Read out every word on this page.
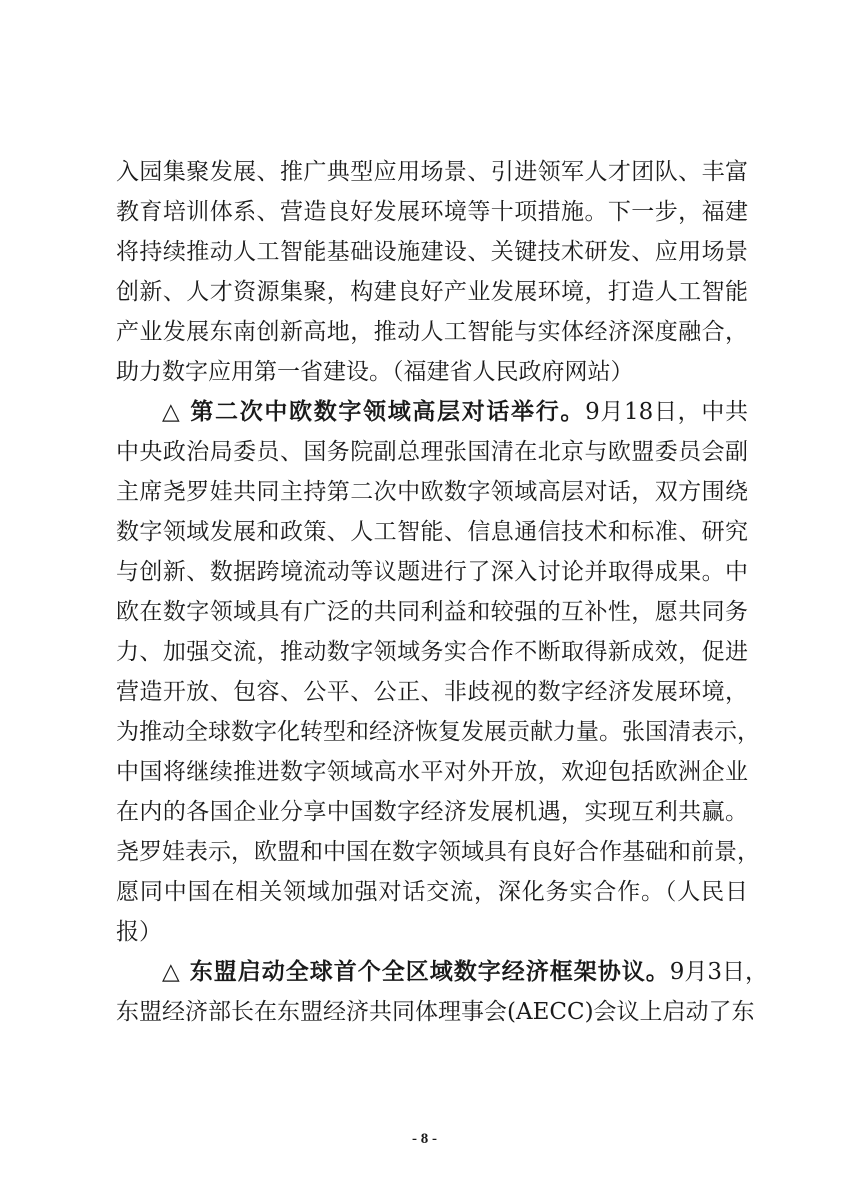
入园集聚发展、推广典型应用场景、引进领军人才团队、丰富
教育培训体系、营造良好发展环境等十项措施。下一步，福建
将持续推动人工智能基础设施建设、关键技术研发、应用场景
创新、人才资源集聚，构建良好产业发展环境，打造人工智能
产业发展东南创新高地，推动人工智能与实体经济深度融合，
助力数字应用第一省建设。（福建省人民政府网站）
△ 第二次中欧数字领域高层对话举行。9月18日，中共
中央政治局委员、国务院副总理张国清在北京与欧盟委员会副
主席尧罗娃共同主持第二次中欧数字领域高层对话，双方围绕
数字领域发展和政策、人工智能、信息通信技术和标准、研究
与创新、数据跨境流动等议题进行了深入讨论并取得成果。中
欧在数字领域具有广泛的共同利益和较强的互补性，愿共同务
力、加强交流，推动数字领域务实合作不断取得新成效，促进
营造开放、包容、公平、公正、非歧视的数字经济发展环境，
为推动全球数字化转型和经济恢复发展贡献力量。张国清表示，
中国将继续推进数字领域高水平对外开放，欢迎包括欧洲企业
在内的各国企业分享中国数字经济发展机遇，实现互利共赢。
尧罗娃表示，欧盟和中国在数字领域具有良好合作基础和前景，
愿同中国在相关领域加强对话交流，深化务实合作。（人民日
报）
△ 东盟启动全球首个全区域数字经济框架协议。9月3日，
东盟经济部长在东盟经济共同体理事会(AECC)会议上启动了东
- 8 -
